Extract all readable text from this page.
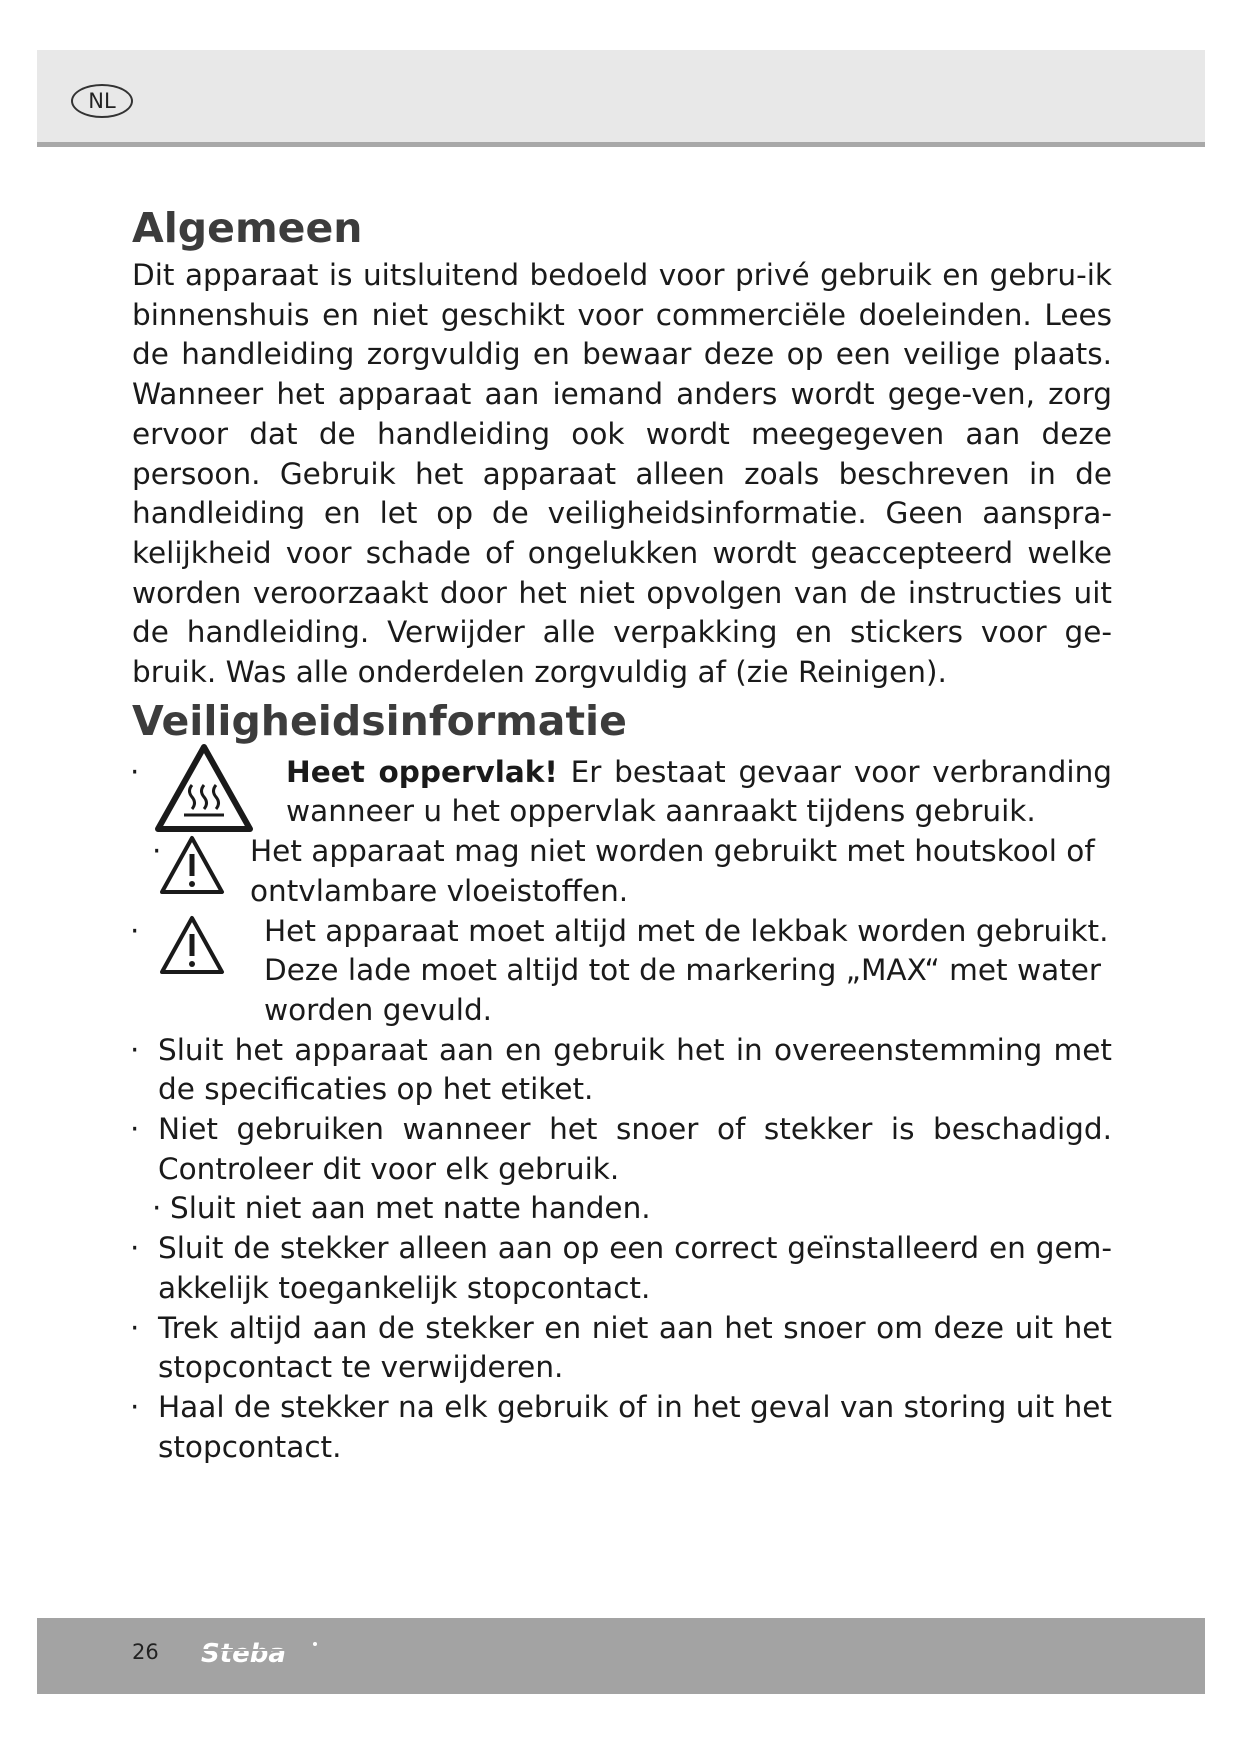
NL
Algemeen

Dit apparaat is uitsluitend bedoeld voor privé gebruik en gebru-ik binnenshuis en niet geschikt voor commerciële doeleinden. Lees de handleiding zorgvuldig en bewaar deze op een veilige plaats. Wanneer het apparaat aan iemand anders wordt gege-ven, zorg ervoor dat de handleiding ook wordt meegegeven aan deze persoon. Gebruik het apparaat alleen zoals beschreven in de handleiding en let op de veiligheidsinformatie. Geen aanspra-kelijkheid voor schade of ongelukken wordt geaccepteerd welke worden veroorzaakt door het niet opvolgen van de instructies uit de handleiding. Verwijder alle verpakking en stickers voor ge-bruik. Was alle onderdelen zorgvuldig af (zie Reinigen).

Veiligheidsinformatie
·	Heet oppervlak! Er bestaat gevaar voor verbranding wanneer u het oppervlak aanraakt tijdens gebruik.
·	Het apparaat mag niet worden gebruikt met houtskool of ontvlambare vloeistoffen.
·	Het apparaat moet altijd met de lekbak worden gebruikt. Deze lade moet altijd tot de markering „MAX“ met water worden gevuld.
· Sluit het apparaat aan en gebruik het in overeenstemming met de specificaties op het etiket.
· Niet gebruiken wanneer het snoer of stekker is beschadigd. Controleer dit voor elk gebruik.
· Sluit niet aan met natte handen.
· Sluit de stekker alleen aan op een correct geïnstalleerd en gem-akkelijk toegankelijk stopcontact.
· Trek altijd aan de stekker en niet aan het snoer om deze uit het stopcontact te verwijderen.
· Haal de stekker na elk gebruik of in het geval van storing uit het stopcontact.
26 Steba
